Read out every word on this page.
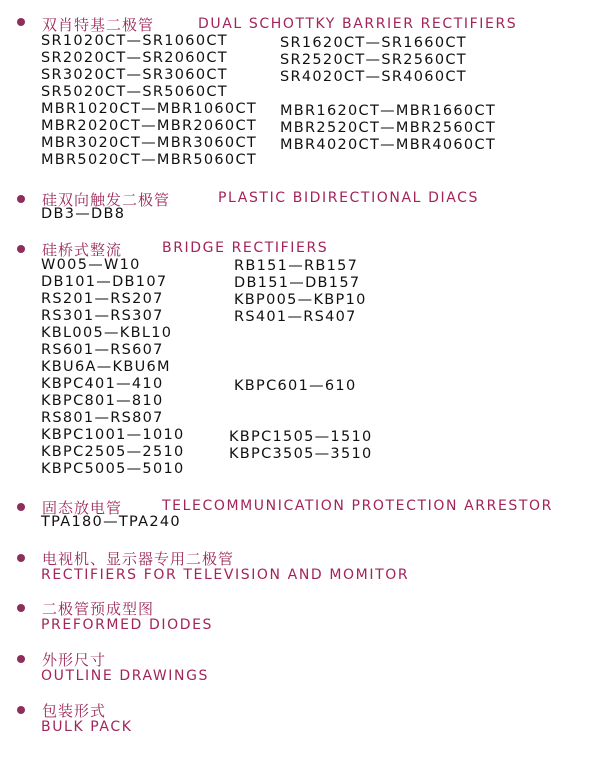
双肖特基二极管	DUAL SCHOTTKY BARRIER RECTIFIERS
SR1020CT—SR1060CT
SR2020CT—SR2060CT
SR3020CT—SR3060CT
SR5020CT—SR5060CT
MBR1020CT—MBR1060CT
MBR2020CT—MBR2060CT
MBR3020CT—MBR3060CT
MBR5020CT—MBR5060CT
SR1620CT—SR1660CT
SR2520CT—SR2560CT
SR4020CT—SR4060CT
MBR1620CT—MBR1660CT
MBR2520CT—MBR2560CT
MBR4020CT—MBR4060CT
硅双向触发二极管	PLASTIC BIDIRECTIONAL DIACS
DB3—DB8
硅桥式整流	BRIDGE RECTIFIERS
W005—W10
DB101—DB107
RS201—RS207
RS301—RS307
KBL005—KBL10
RS601—RS607
KBU6A—KBU6M
KBPC401—410
KBPC801—810
RS801—RS807
KBPC1001—1010
KBPC2505—2510
KBPC5005—5010
RB151—RB157
DB151—DB157
KBP005—KBP10
RS401—RS407
KBPC601—610
KBPC1505—1510
KBPC3505—3510
固态放电管	TELECOMMUNICATION PROTECTION ARRESTOR
TPA180—TPA240
电视机、显示器专用二极管
RECTIFIERS FOR TELEVISION AND MOMITOR
二极管预成型图
PREFORMED DIODES
外形尺寸
OUTLINE DRAWINGS
包装形式
BULK PACK
